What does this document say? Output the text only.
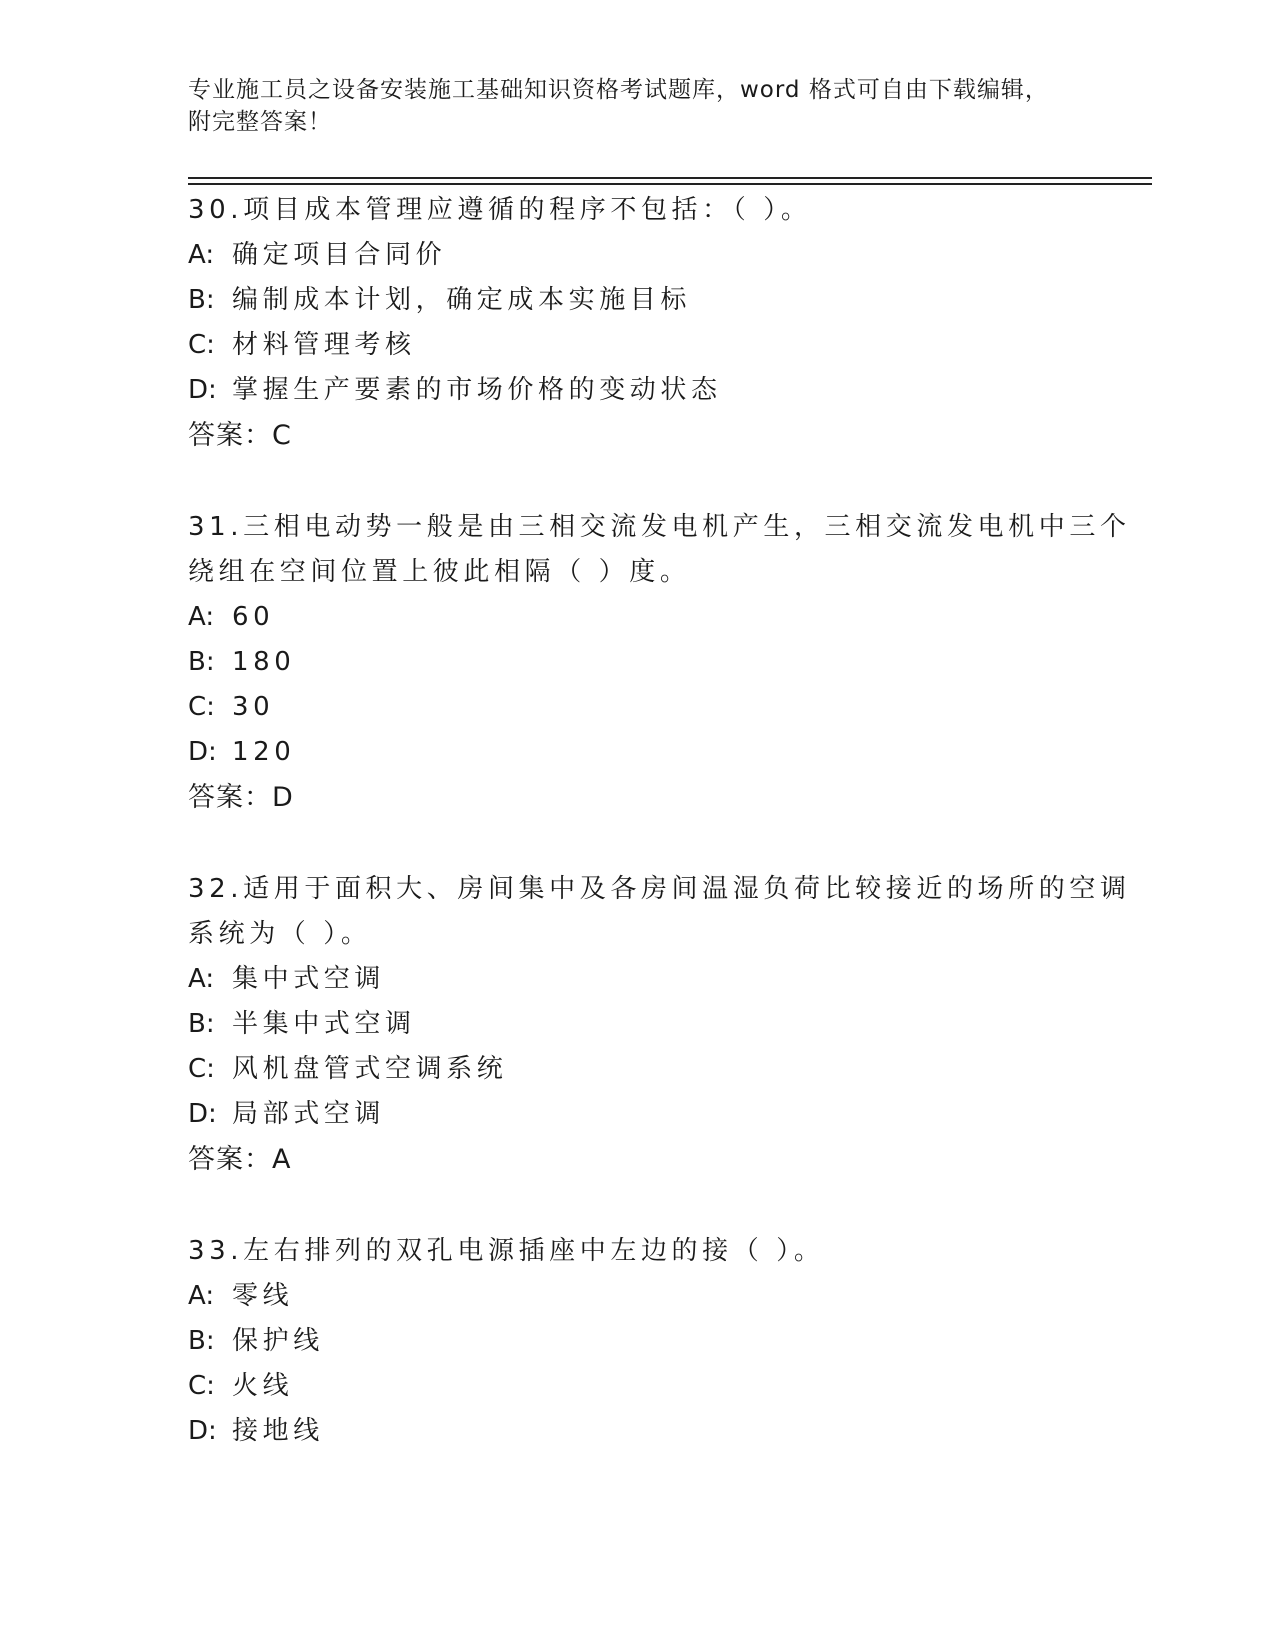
专业施工员之设备安装施工基础知识资格考试题库，word 格式可自由下载编辑，
附完整答案！
30.项目成本管理应遵循的程序不包括：（ ）。
A: 确定项目合同价
B: 编制成本计划，确定成本实施目标
C: 材料管理考核
D: 掌握生产要素的市场价格的变动状态
答案：C
31.三相电动势一般是由三相交流发电机产生，三相交流发电机中三个
绕组在空间位置上彼此相隔（ ）度。
A: 60
B: 180
C: 30
D: 120
答案：D
32.适用于面积大、房间集中及各房间温湿负荷比较接近的场所的空调
系统为（ ）。
A: 集中式空调
B: 半集中式空调
C: 风机盘管式空调系统
D: 局部式空调
答案：A
33.左右排列的双孔电源插座中左边的接（ ）。
A: 零线
B: 保护线
C: 火线
D: 接地线
